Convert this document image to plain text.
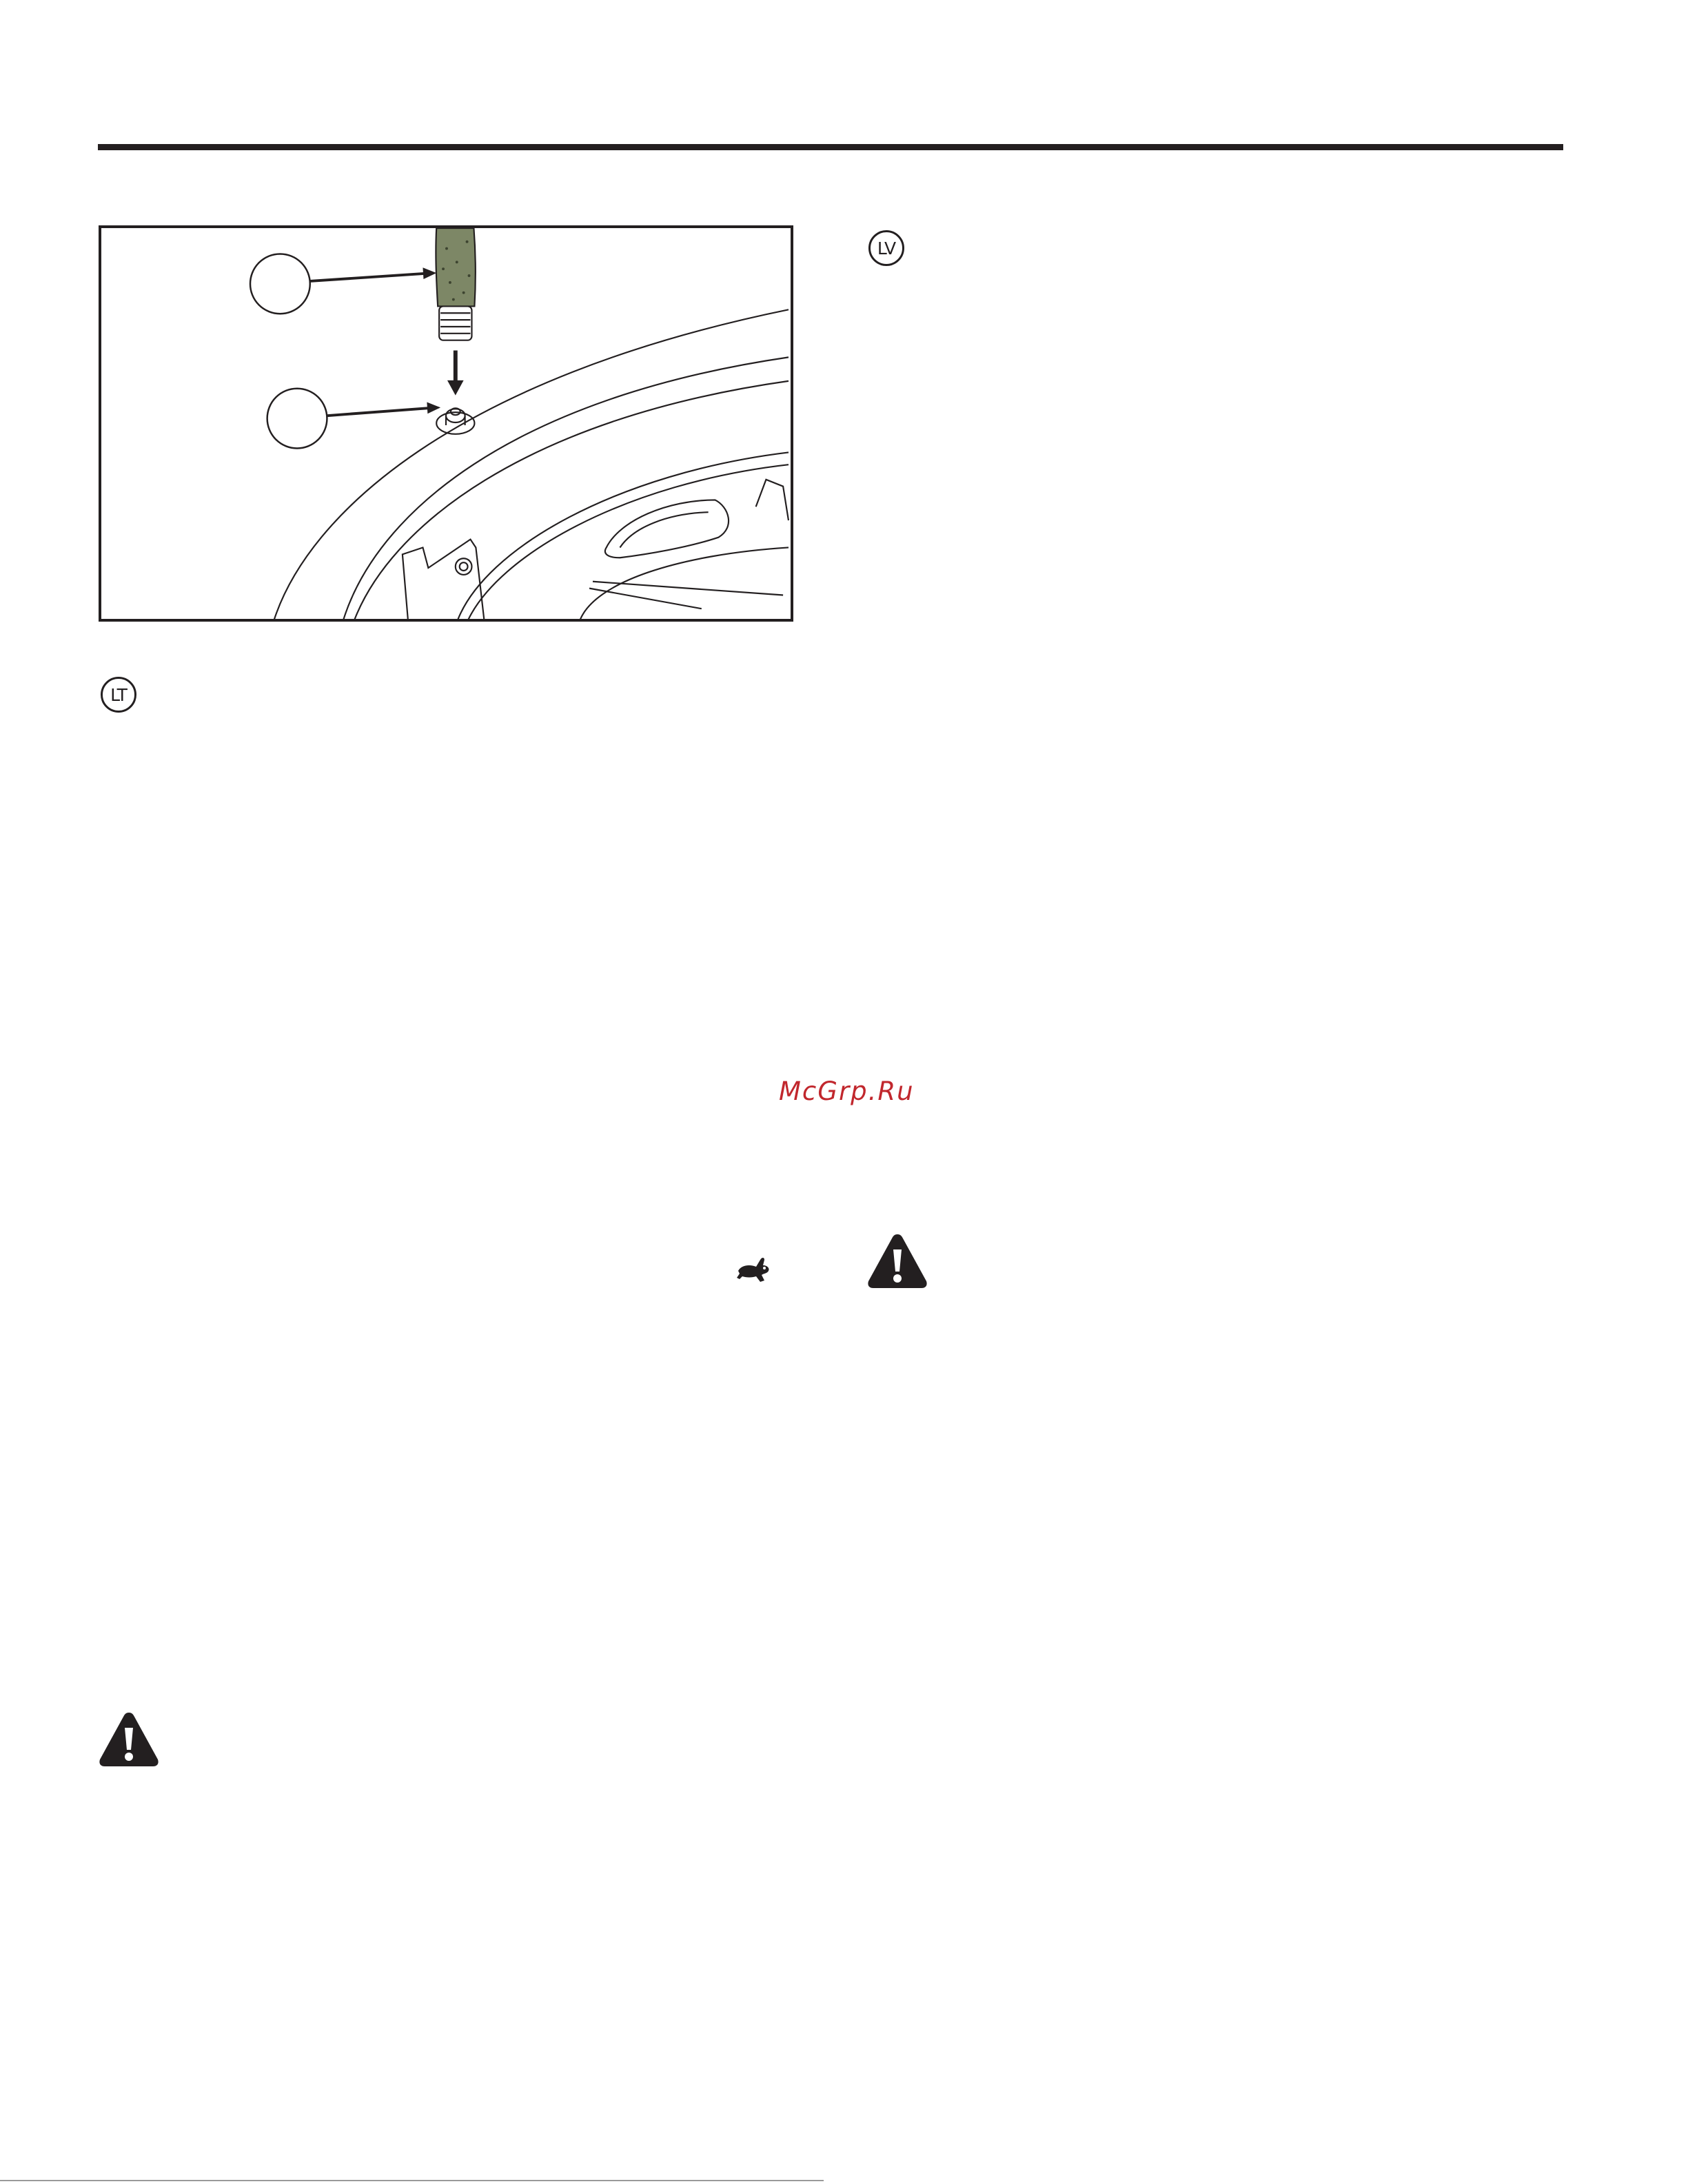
LV
LT
McGrp.Ru
